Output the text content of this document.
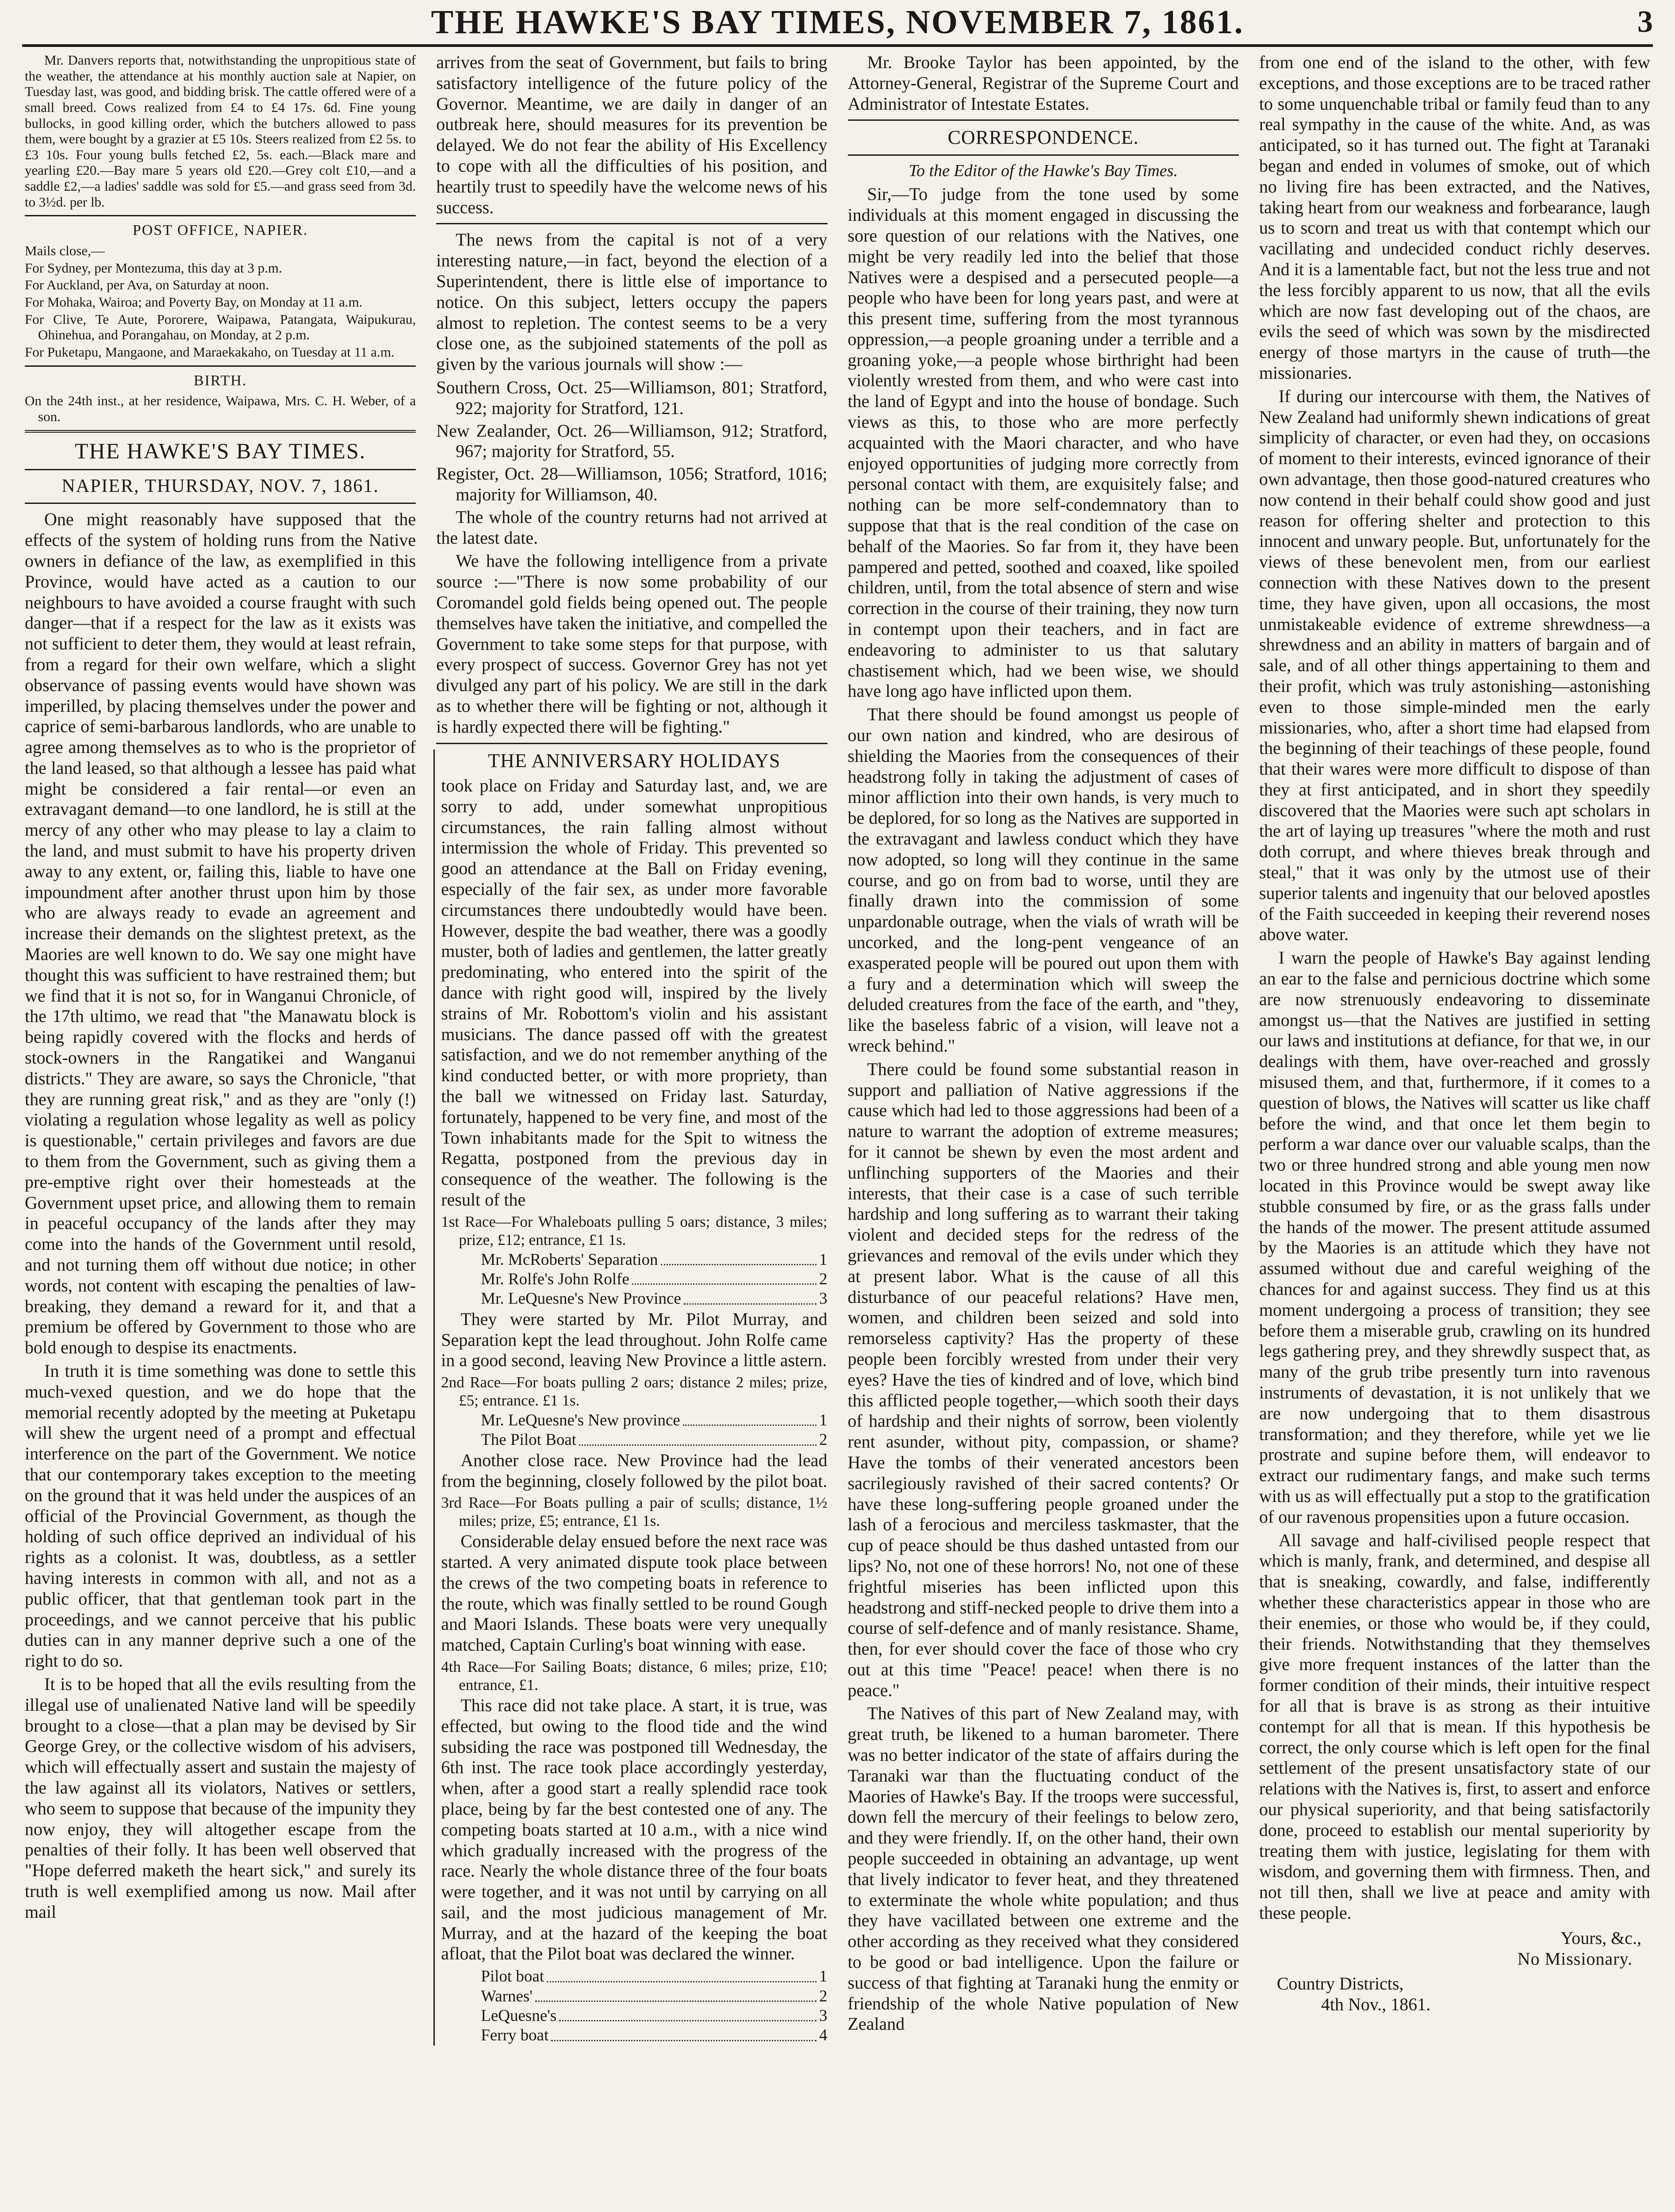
THE HAWKE'S BAY TIMES, NOVEMBER 7, 1861.	3

Mr. Danvers reports that, notwithstanding the unpropitious state of the weather, the attendance at his monthly auction sale at Napier, on Tuesday last, was good, and bidding brisk. The cattle offered were of a small breed. Cows realized from £4 to £4 17s. 6d. Fine young bullocks, in good killing order, which the butchers allowed to pass them, were bought by a grazier at £5 10s. Steers realized from £2 5s. to £3 10s. Four young bulls fetched £2, 5s. each.—Black mare and yearling £20.—Bay mare 5 years old £20.—Grey colt £10,—and a saddle £2,—a ladies' saddle was sold for £5.—and grass seed from 3d. to 3½d. per lb.

POST OFFICE, NAPIER.

Mails close,—

For Sydney, per Montezuma, this day at 3 p.m.

For Auckland, per Ava, on Saturday at noon.

For Mohaka, Wairoa; and Poverty Bay, on Monday at 11 a.m.

For Clive, Te Aute, Pororere, Waipawa, Patangata, Waipukurau, Ohinehua, and Porangahau, on Monday, at 2 p.m.

For Puketapu, Mangaone, and Maraekakaho, on Tuesday at 11 a.m.

BIRTH.

On the 24th inst., at her residence, Waipawa, Mrs. C. H. Weber, of a son.

THE HAWKE'S BAY TIMES.
NAPIER, THURSDAY, NOV. 7, 1861.

One might reasonably have supposed that the effects of the system of holding runs from the Native owners in defiance of the law, as exemplified in this Province, would have acted as a caution to our neighbours to have avoided a course fraught with such danger—that if a respect for the law as it exists was not sufficient to deter them, they would at least refrain, from a regard for their own welfare, which a slight observance of passing events would have shown was imperilled, by placing themselves under the power and caprice of semi-barbarous landlords, who are unable to agree among themselves as to who is the proprietor of the land leased, so that although a lessee has paid what might be considered a fair rental—or even an extravagant demand—to one landlord, he is still at the mercy of any other who may please to lay a claim to the land, and must submit to have his property driven away to any extent, or, failing this, liable to have one impoundment after another thrust upon him by those who are always ready to evade an agreement and increase their demands on the slightest pretext, as the Maories are well known to do. We say one might have thought this was sufficient to have restrained them; but we find that it is not so, for in Wanganui Chronicle, of the 17th ultimo, we read that "the Manawatu block is being rapidly covered with the flocks and herds of stock-owners in the Rangatikei and Wanganui districts." They are aware, so says the Chronicle, "that they are running great risk," and as they are "only (!) violating a regulation whose legality as well as policy is questionable," certain privileges and favors are due to them from the Government, such as giving them a pre-emptive right over their homesteads at the Government upset price, and allowing them to remain in peaceful occupancy of the lands after they may come into the hands of the Government until resold, and not turning them off without due notice; in other words, not content with escaping the penalties of law-breaking, they demand a reward for it, and that a premium be offered by Government to those who are bold enough to despise its enactments.

In truth it is time something was done to settle this much-vexed question, and we do hope that the memorial recently adopted by the meeting at Puketapu will shew the urgent need of a prompt and effectual interference on the part of the Government. We notice that our contemporary takes exception to the meeting on the ground that it was held under the auspices of an official of the Provincial Government, as though the holding of such office deprived an individual of his rights as a colonist. It was, doubtless, as a settler having interests in common with all, and not as a public officer, that that gentleman took part in the proceedings, and we cannot perceive that his public duties can in any manner deprive such a one of the right to do so.

It is to be hoped that all the evils resulting from the illegal use of unalienated Native land will be speedily brought to a close—that a plan may be devised by Sir George Grey, or the collective wisdom of his advisers, which will effectually assert and sustain the majesty of the law against all its violators, Natives or settlers, who seem to suppose that because of the impunity they now enjoy, they will altogether escape from the penalties of their folly. It has been well observed that "Hope deferred maketh the heart sick," and surely its truth is well exemplified among us now. Mail after mail

arrives from the seat of Government, but fails to bring satisfactory intelligence of the future policy of the Governor. Meantime, we are daily in danger of an outbreak here, should measures for its prevention be delayed. We do not fear the ability of His Excellency to cope with all the difficulties of his position, and heartily trust to speedily have the welcome news of his success.

The news from the capital is not of a very interesting nature,—in fact, beyond the election of a Superintendent, there is little else of importance to notice. On this subject, letters occupy the papers almost to repletion. The contest seems to be a very close one, as the subjoined statements of the poll as given by the various journals will show :—

Southern Cross, Oct. 25—Williamson, 801; Stratford, 922; majority for Stratford, 121.

New Zealander, Oct. 26—Williamson, 912; Stratford, 967; majority for Stratford, 55.

Register, Oct. 28—Williamson, 1056; Stratford, 1016; majority for Williamson, 40.

The whole of the country returns had not arrived at the latest date.

We have the following intelligence from a private source :—"There is now some probability of our Coromandel gold fields being opened out. The people themselves have taken the initiative, and compelled the Government to take some steps for that purpose, with every prospect of success. Governor Grey has not yet divulged any part of his policy. We are still in the dark as to whether there will be fighting or not, although it is hardly expected there will be fighting."

THE ANNIVERSARY HOLIDAYS

took place on Friday and Saturday last, and, we are sorry to add, under somewhat unpropitious circumstances, the rain falling almost without intermission the whole of Friday. This prevented so good an attendance at the Ball on Friday evening, especially of the fair sex, as under more favorable circumstances there undoubtedly would have been. However, despite the bad weather, there was a goodly muster, both of ladies and gentlemen, the latter greatly predominating, who entered into the spirit of the dance with right good will, inspired by the lively strains of Mr. Robottom's violin and his assistant musicians. The dance passed off with the greatest satisfaction, and we do not remember anything of the kind conducted better, or with more propriety, than the ball we witnessed on Friday last. Saturday, fortunately, happened to be very fine, and most of the Town inhabitants made for the Spit to witness the Regatta, postponed from the previous day in consequence of the weather. The following is the result of the

1st Race—For Whaleboats pulling 5 oars; distance, 3 miles; prize, £12; entrance, £1 1s.

Mr. McRoberts' Separation	1
Mr. Rolfe's John Rolfe	2
Mr. LeQuesne's New Province	3

They were started by Mr. Pilot Murray, and Separation kept the lead throughout. John Rolfe came in a good second, leaving New Province a little astern.

2nd Race—For boats pulling 2 oars; distance 2 miles; prize, £5; entrance. £1 1s.

Mr. LeQuesne's New province	1
The Pilot Boat	2

Another close race. New Province had the lead from the beginning, closely followed by the pilot boat.

3rd Race—For Boats pulling a pair of sculls; distance, 1½ miles; prize, £5; entrance, £1 1s.

Considerable delay ensued before the next race was started. A very animated dispute took place between the crews of the two competing boats in reference to the route, which was finally settled to be round Gough and Maori Islands. These boats were very unequally matched, Captain Curling's boat winning with ease.

4th Race—For Sailing Boats; distance, 6 miles; prize, £10; entrance, £1.

This race did not take place. A start, it is true, was effected, but owing to the flood tide and the wind subsiding the race was postponed till Wednesday, the 6th inst. The race took place accordingly yesterday, when, after a good start a really splendid race took place, being by far the best contested one of any. The competing boats started at 10 a.m., with a nice wind which gradually increased with the progress of the race. Nearly the whole distance three of the four boats were together, and it was not until by carrying on all sail, and the most judicious management of Mr. Murray, and at the hazard of the keeping the boat afloat, that the Pilot boat was declared the winner.

Pilot boat	1
Warnes'	2
LeQuesne's	3
Ferry boat	4

Mr. Brooke Taylor has been appointed, by the Attorney-General, Registrar of the Supreme Court and Administrator of Intestate Estates.

CORRESPONDENCE.
To the Editor of the Hawke's Bay Times.

Sir,—To judge from the tone used by some individuals at this moment engaged in discussing the sore question of our relations with the Natives, one might be very readily led into the belief that those Natives were a despised and a persecuted people—a people who have been for long years past, and were at this present time, suffering from the most tyrannous oppression,—a people groaning under a terrible and a groaning yoke,—a people whose birthright had been violently wrested from them, and who were cast into the land of Egypt and into the house of bondage. Such views as this, to those who are more perfectly acquainted with the Maori character, and who have enjoyed opportunities of judging more correctly from personal contact with them, are exquisitely false; and nothing can be more self-condemnatory than to suppose that that is the real condition of the case on behalf of the Maories. So far from it, they have been pampered and petted, soothed and coaxed, like spoiled children, until, from the total absence of stern and wise correction in the course of their training, they now turn in contempt upon their teachers, and in fact are endeavoring to administer to us that salutary chastisement which, had we been wise, we should have long ago have inflicted upon them.

That there should be found amongst us people of our own nation and kindred, who are desirous of shielding the Maories from the consequences of their headstrong folly in taking the adjustment of cases of minor affliction into their own hands, is very much to be deplored, for so long as the Natives are supported in the extravagant and lawless conduct which they have now adopted, so long will they continue in the same course, and go on from bad to worse, until they are finally drawn into the commission of some unpardonable outrage, when the vials of wrath will be uncorked, and the long-pent vengeance of an exasperated people will be poured out upon them with a fury and a determination which will sweep the deluded creatures from the face of the earth, and "they, like the baseless fabric of a vision, will leave not a wreck behind."

There could be found some substantial reason in support and palliation of Native aggressions if the cause which had led to those aggressions had been of a nature to warrant the adoption of extreme measures; for it cannot be shewn by even the most ardent and unflinching supporters of the Maories and their interests, that their case is a case of such terrible hardship and long suffering as to warrant their taking violent and decided steps for the redress of the grievances and removal of the evils under which they at present labor. What is the cause of all this disturbance of our peaceful relations? Have men, women, and children been seized and sold into remorseless captivity? Has the property of these people been forcibly wrested from under their very eyes? Have the ties of kindred and of love, which bind this afflicted people together,—which sooth their days of hardship and their nights of sorrow, been violently rent asunder, without pity, compassion, or shame? Have the tombs of their venerated ancestors been sacrilegiously ravished of their sacred contents? Or have these long-suffering people groaned under the lash of a ferocious and merciless taskmaster, that the cup of peace should be thus dashed untasted from our lips? No, not one of these horrors! No, not one of these frightful miseries has been inflicted upon this headstrong and stiff-necked people to drive them into a course of self-defence and of manly resistance. Shame, then, for ever should cover the face of those who cry out at this time "Peace! peace! when there is no peace."

The Natives of this part of New Zealand may, with great truth, be likened to a human barometer. There was no better indicator of the state of affairs during the Taranaki war than the fluctuating conduct of the Maories of Hawke's Bay. If the troops were successful, down fell the mercury of their feelings to below zero, and they were friendly. If, on the other hand, their own people succeeded in obtaining an advantage, up went that lively indicator to fever heat, and they threatened to exterminate the whole white population; and thus they have vacillated between one extreme and the other according as they received what they considered to be good or bad intelligence. Upon the failure or success of that fighting at Taranaki hung the enmity or friendship of the whole Native population of New Zealand

from one end of the island to the other, with few exceptions, and those exceptions are to be traced rather to some unquenchable tribal or family feud than to any real sympathy in the cause of the white. And, as was anticipated, so it has turned out. The fight at Taranaki began and ended in volumes of smoke, out of which no living fire has been extracted, and the Natives, taking heart from our weakness and forbearance, laugh us to scorn and treat us with that contempt which our vacillating and undecided conduct richly deserves. And it is a lamentable fact, but not the less true and not the less forcibly apparent to us now, that all the evils which are now fast developing out of the chaos, are evils the seed of which was sown by the misdirected energy of those martyrs in the cause of truth—the missionaries.

If during our intercourse with them, the Natives of New Zealand had uniformly shewn indications of great simplicity of character, or even had they, on occasions of moment to their interests, evinced ignorance of their own advantage, then those good-natured creatures who now contend in their behalf could show good and just reason for offering shelter and protection to this innocent and unwary people. But, unfortunately for the views of these benevolent men, from our earliest connection with these Natives down to the present time, they have given, upon all occasions, the most unmistakeable evidence of extreme shrewdness—a shrewdness and an ability in matters of bargain and of sale, and of all other things appertaining to them and their profit, which was truly astonishing—astonishing even to those simple-minded men the early missionaries, who, after a short time had elapsed from the beginning of their teachings of these people, found that their wares were more difficult to dispose of than they at first anticipated, and in short they speedily discovered that the Maories were such apt scholars in the art of laying up treasures "where the moth and rust doth corrupt, and where thieves break through and steal," that it was only by the utmost use of their superior talents and ingenuity that our beloved apostles of the Faith succeeded in keeping their reverend noses above water.

I warn the people of Hawke's Bay against lending an ear to the false and pernicious doctrine which some are now strenuously endeavoring to disseminate amongst us—that the Natives are justified in setting our laws and institutions at defiance, for that we, in our dealings with them, have over-reached and grossly misused them, and that, furthermore, if it comes to a question of blows, the Natives will scatter us like chaff before the wind, and that once let them begin to perform a war dance over our valuable scalps, than the two or three hundred strong and able young men now located in this Province would be swept away like stubble consumed by fire, or as the grass falls under the hands of the mower. The present attitude assumed by the Maories is an attitude which they have not assumed without due and careful weighing of the chances for and against success. They find us at this moment undergoing a process of transition; they see before them a miserable grub, crawling on its hundred legs gathering prey, and they shrewdly suspect that, as many of the grub tribe presently turn into ravenous instruments of devastation, it is not unlikely that we are now undergoing that to them disastrous transformation; and they therefore, while yet we lie prostrate and supine before them, will endeavor to extract our rudimentary fangs, and make such terms with us as will effectually put a stop to the gratification of our ravenous propensities upon a future occasion.

All savage and half-civilised people respect that which is manly, frank, and determined, and despise all that is sneaking, cowardly, and false, indifferently whether these characteristics appear in those who are their enemies, or those who would be, if they could, their friends. Notwithstanding that they themselves give more frequent instances of the latter than the former condition of their minds, their intuitive respect for all that is brave is as strong as their intuitive contempt for all that is mean. If this hypothesis be correct, the only course which is left open for the final settlement of the present unsatisfactory state of our relations with the Natives is, first, to assert and enforce our physical superiority, and that being satisfactorily done, proceed to establish our mental superiority by treating them with justice, legislating for them with wisdom, and governing them with firmness. Then, and not till then, shall we live at peace and amity with these people.

Yours, &c.,
No Missionary.
Country Districts,
4th Nov., 1861.
